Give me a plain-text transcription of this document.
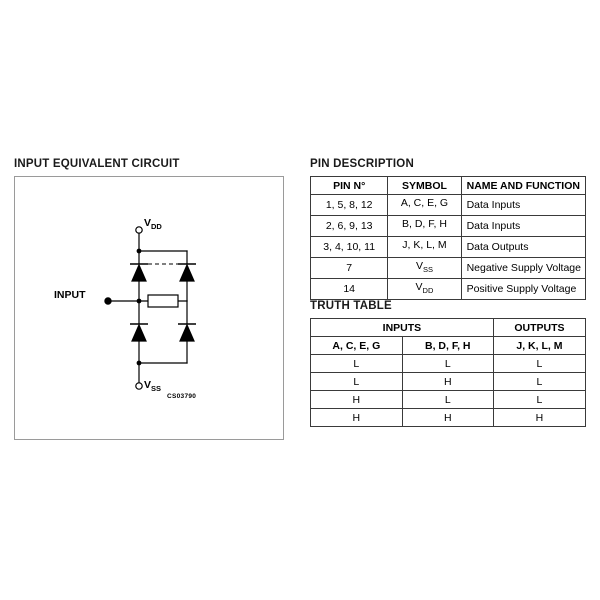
INPUT EQUIVALENT CIRCUIT
$V_{DD}$
$V_{SS}$
INPUT
CS03790
PIN DESCRIPTION
PIN N°	SYMBOL	NAME AND FUNCTION
1, 5, 8, 12	A, C, E, G	Data Inputs
2, 6, 9, 13	B, D, F, H	Data Inputs
3, 4, 10, 11	J, K, L, M	Data Outputs
7	$V_{SS}$	Negative Supply Voltage
14	$V_{DD}$	Positive Supply Voltage
TRUTH TABLE
INPUTS		OUTPUTS
A, C, E, G	B, D, F, H	J, K, L, M
L	L	L
L	H	L
H	L	L
H	H	H
